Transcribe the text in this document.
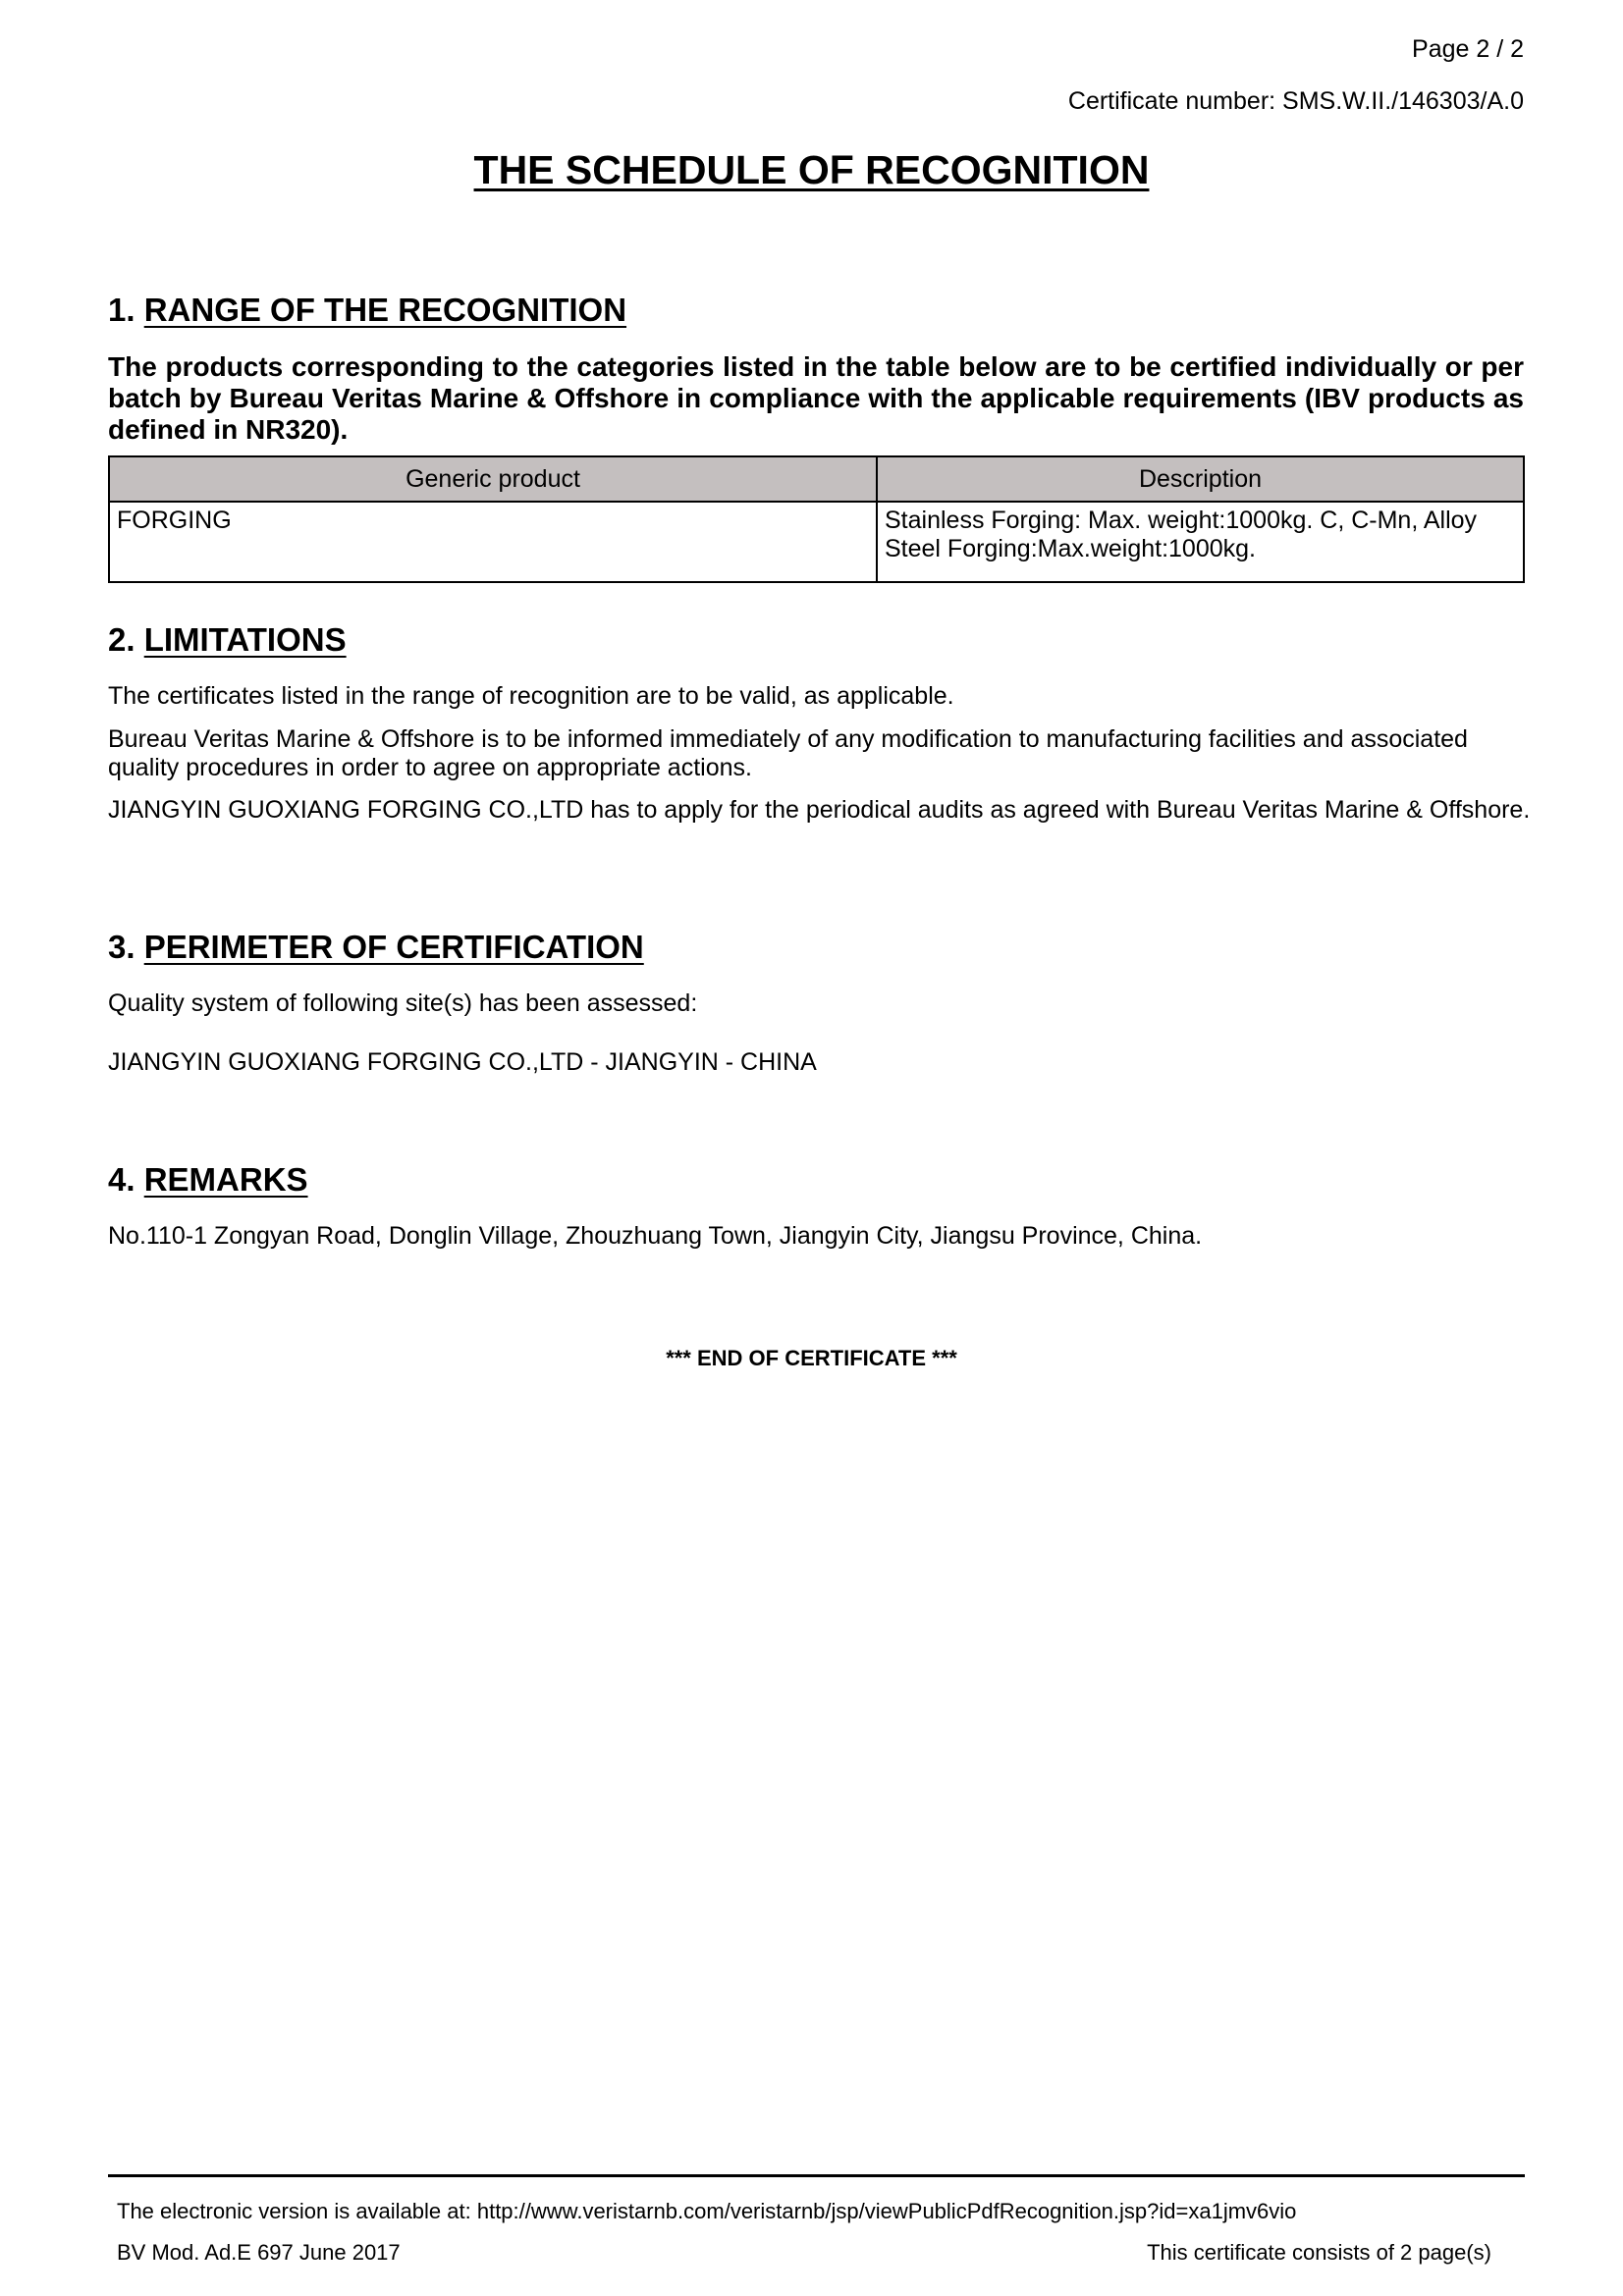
Page 2 / 2
Certificate number: SMS.W.II./146303/A.0
THE SCHEDULE OF RECOGNITION
1. RANGE OF THE RECOGNITION

The products corresponding to the categories listed in the table below are to be certified individually or per batch by Bureau Veritas Marine & Offshore in compliance with the applicable requirements (IBV products as defined in NR320).

Generic product	Description
FORGING	Stainless Forging: Max. weight:1000kg. C, C-Mn, Alloy Steel Forging:Max.weight:1000kg.
2. LIMITATIONS

The certificates listed in the range of recognition are to be valid, as applicable.

Bureau Veritas Marine & Offshore is to be informed immediately of any modification to manufacturing facilities and associated quality procedures in order to agree on appropriate actions.

JIANGYIN GUOXIANG FORGING CO.,LTD has to apply for the periodical audits as agreed with Bureau Veritas Marine & Offshore.

3. PERIMETER OF CERTIFICATION

Quality system of following site(s) has been assessed:

JIANGYIN GUOXIANG FORGING CO.,LTD - JIANGYIN - CHINA

4. REMARKS

No.110-1 Zongyan Road, Donglin Village, Zhouzhuang Town, Jiangyin City, Jiangsu Province, China.

*** END OF CERTIFICATE ***
The electronic version is available at: http://www.veristarnb.com/veristarnb/jsp/viewPublicPdfRecognition.jsp?id=xa1jmv6vio
BV Mod. Ad.E 697 June 2017	This certificate consists of 2 page(s)
